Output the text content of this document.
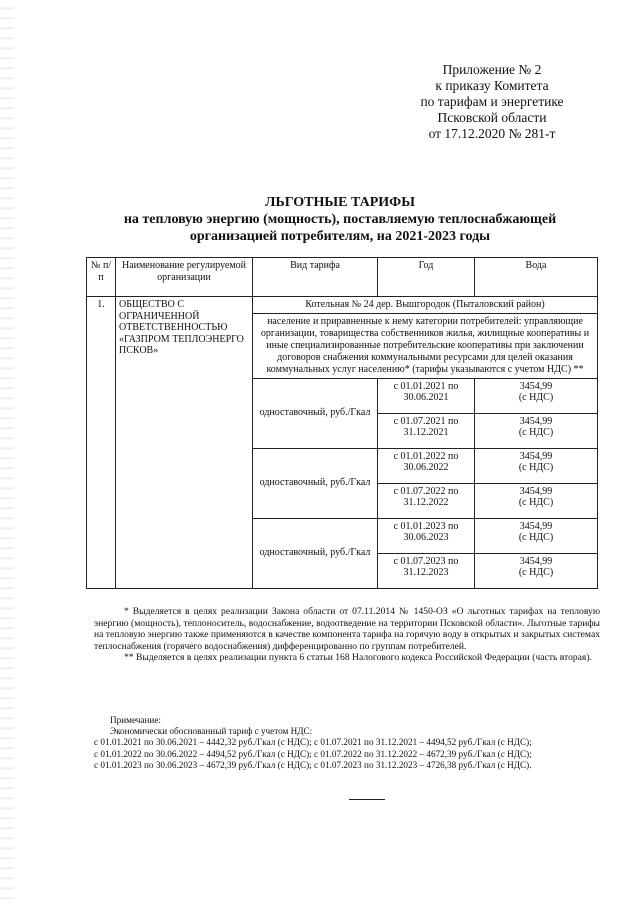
Приложение № 2
к приказу Комитета
по тарифам и энергетике
Псковской области
от 17.12.2020 № 281-т
ЛЬГОТНЫЕ ТАРИФЫ
на тепловую энергию (мощность), поставляемую теплоснабжающей
организацией потребителям, на 2021-2023 годы
№ п/п	Наименование регулируемой организации	Вид тарифа	Год	Вода
1.	ОБЩЕСТВО С ОГРАНИЧЕННОЙ ОТВЕТСТВЕННОСТЬЮ «ГАЗПРОМ ТЕПЛОЭНЕРГО ПСКОВ»	Котельная № 24 дер. Вышгородок (Пыталовский район)		
		население и приравненные к нему категории потребителей: управляющие организации, товарищества собственников жилья, жилищные кооперативы и иные специализированные потребительские кооперативы при заключении договоров снабжения коммунальными ресурсами для целей оказания коммунальных услуг населению* (тарифы указываются с учетом НДС) **		
		одноставочный, руб./Гкал	с 01.01.2021 по 30.06.2021	3454,99
(с НДС)

			с 01.07.2021 по 31.12.2021	3454,99
(с НДС)

		одноставочный, руб./Гкал	с 01.01.2022 по 30.06.2022	3454,99
(с НДС)

			с 01.07.2022 по 31.12.2022	3454,99
(с НДС)

		одноставочный, руб./Гкал	с 01.01.2023 по 30.06.2023	3454,99
(с НДС)

			с 01.07.2023 по 31.12.2023	3454,99
(с НДС)

* Выделяется в целях реализации Закона области от 07.11.2014 № 1450-ОЗ «О льготных тарифах на тепловую энергию (мощность), теплоноситель, водоснабжение, водоотведение на территории Псковской области». Льготные тарифы на тепловую энергию также применяются в качестве компонента тарифа на горячую воду в открытых и закрытых системах теплоснабжения (горячего водоснабжения) дифференцированно по группам потребителей.

** Выделяется в целях реализации пункта 6 статьи 168 Налогового кодекса Российской Федерации (часть вторая).

Примечание:
Экономически обоснованный тариф с учетом НДС:
с 01.01.2021 по 30.06.2021 – 4442,32 руб./Гкал (с НДС); с 01.07.2021 по 31.12.2021 – 4494,52 руб./Гкал (с НДС);
с 01.01.2022 по 30.06.2022 – 4494,52 руб./Гкал (с НДС); с 01.07.2022 по 31.12.2022 – 4672,39 руб./Гкал (с НДС);
с 01.01.2023 по 30.06.2023 – 4672,39 руб./Гкал (с НДС); с 01.07.2023 по 31.12.2023 – 4726,38 руб./Гкал (с НДС).
